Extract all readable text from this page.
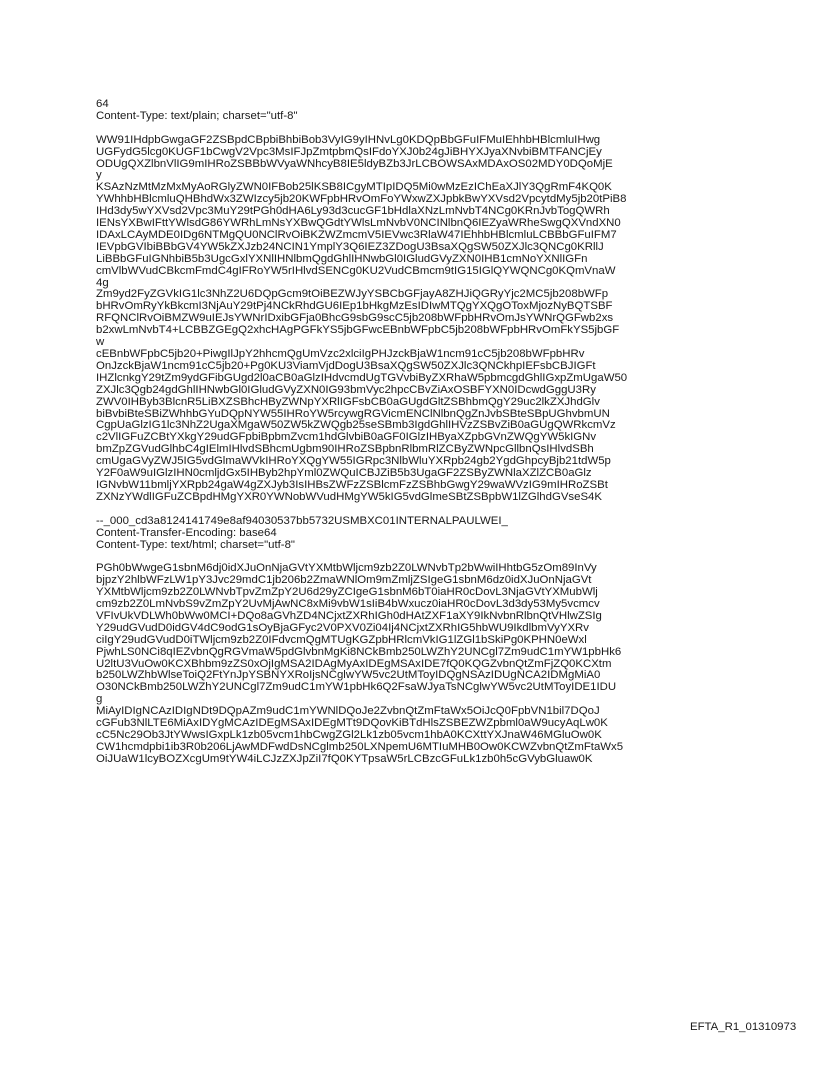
64
Content-Type: text/plain; charset="utf-8"
WW91IHdpbGwgaGF2ZSBpdCBpbiBhbiBob3VyIG9yIHNvLg0KDQpBbGFuIFMuIEhhbHBlcmluIHwg
UGFydG5lcg0KUGF1bCwgV2Vpc3MsIFJpZmtpbmQsIFdoYXJ0b24gJiBHYXJyaXNvbiBMTFANCjEy
ODUgQXZlbnVlIG9mIHRoZSBBbWVyaWNhcyB8IE5ldyBZb3JrLCBOWSAxMDAxOS02MDY0DQoMjE
y
KSAzNzMtMzMxMyAoRGlyZWN0IFBob25lKSB8ICgyMTIpIDQ5Mi0wMzEzIChEaXJlY3QgRmF4KQ0K
YWhhbHBlcmluQHBhdWx3ZWIzcy5jb20KWFpbHRvOmFoYWxwZXJpbkBwYXVsd2VpcytdMy5jb20tPiB8
IHd3dy5wYXVsd2Vpc3MuY29tPGh0dHA6Ly93d3cucGF1bHdlaXNzLmNvbT4NCg0KRnJvbTogQWRh
IENsYXBwIFttYWlsdG86YWRhLmNsYXBwQGdtYWlsLmNvbV0NCINlbnQ6IEZyaWRheSwgQXVndXN0
IDAxLCAyMDE0IDg6NTMgQU0NClRvOiBKZWZmcmV5IEVwc3RlaW47IEhhbHBlcmluLCBBbGFuIFM7
IEVpbGVIbiBBbGV4YW5kZXJzb24NCIN1YmplY3Q6IEZ3ZDogU3BsaXQgSW50ZXJlc3QNCg0KRllJ
LiBBbGFuIGNhbiB5b3UgcGxlYXNlIHNlbmQgdGhlIHNwbGl0IGludGVyZXN0IHB1cmNoYXNlIGFn
cmVlbWVudCBkcmFmdC4gIFRoYW5rIHlvdSENCg0KU2VudCBmcm9tIG15IGlQYWQNCg0KQmVnaW
4g
Zm9yd2FyZGVkIG1lc3NhZ2U6DQpGcm9tOiBEZWJyYSBCbGFjayA8ZHJiQGRyYjc2MC5jb208bWFp
bHRvOmRyYkBkcmI3NjAuY29tPj4NCkRhdGU6IEp1bHkgMzEsIDIwMTQgYXQgOToxMjozNyBQTSBF
RFQNClRvOiBMZW9uIEJsYWNrIDxibGFja0BhcG9sbG9scC5jb208bWFpbHRvOmJsYWNrQGFwb2xs
b2xwLmNvbT4+LCBBZGEgQ2xhcHAgPGFkYS5jbGFwcEBnbWFpbC5jb208bWFpbHRvOmFkYS5jbGF
w
cEBnbWFpbC5jb20+PiwgIlJpY2hhcmQgUmVzc2xlciIgPHJzckBjaW1ncm91cC5jb208bWFpbHRv
OnJzckBjaW1ncm91cC5jb20+Pg0KU3ViamVjdDogU3BsaXQgSW50ZXJlc3QNCkhpIEFsbCBJIGFt
IHZlcnkgY29tZm9ydGFibGUgd2l0aCB0aGlzIHdvcmdUgTGVvbiByZXRhaW5pbmcgdGhlIGxpZmUgaW50
ZXJlc3Qgb24gdGhlIHNwbGl0IGludGVyZXN0IG93bmVyc2hpcCBvZiAxOSBFYXN0IDcwdGggU3Ry
ZWV0IHByb3BlcnR5LiBXZSBhcHByZWNpYXRlIGFsbCB0aGUgdGltZSBhbmQgY29uc2lkZXJhdGlv
biBvbiBteSBiZWhhbGYuDQpNYW55IHRoYW5rcywgRGVicmENClNlbnQgZnJvbSBteSBpUGhvbmUN
CgpUaGlzIG1lc3NhZ2UgaXMgaW50ZW5kZWQgb25seSBmb3IgdGhlIHVzZSBvZiB0aGUgQWRkcmVz
c2VlIGFuZCBtYXkgY29udGFpbiBpbmZvcm1hdGlvbiB0aGF0IGlzIHByaXZpbGVnZWQgYW5kIGNv
bmZpZGVudGlhbC4gIElmIHlvdSBhcmUgbm90IHRoZSBpbnRlbmRlZCByZWNpcGllbnQsIHlvdSBh
cmUgaGVyZWJ5IG5vdGlmaWVkIHRoYXQgYW55IGRpc3NlbWluYXRpb24gb2YgdGhpcyBjb21tdW5p
Y2F0aW9uIGlzIHN0cmljdGx5IHByb2hpYml0ZWQuICBJZiB5b3UgaGF2ZSByZWNlaXZlZCB0aGlz
IGNvbW11bmljYXRpb24gaW4gZXJyb3IsIHBsZWFzZSBlcmFzZSBhbGwgY29waWVzIG9mIHRoZSBt
ZXNzYWdlIGFuZCBpdHMgYXR0YWNobWVudHMgYW5kIG5vdGlmeSBtZSBpbW1lZGlhdGVseS4K
--_000_cd3a8124141749e8af94030537bb5732USMBXC01INTERNALPAULWEI_
Content-Transfer-Encoding: base64
Content-Type: text/html; charset="utf-8"
PGh0bWwgeG1sbnM6dj0idXJuOnNjaGVtYXMtbWljcm9zb2Z0LWNvbTp2bWwiIHhtbG5zOm89InVy
bjpzY2hlbWFzLW1pY3Jvc29mdC1jb206b2ZmaWNlOm9mZmljZSIgeG1sbnM6dz0idXJuOnNjaGVt
YXMtbWljcm9zb2Z0LWNvbTpvZmZpY2U6d29yZCIgeG1sbnM6bT0iaHR0cDovL3NjaGVtYXMubWlj
cm9zb2Z0LmNvbS9vZmZpY2UvMjAwNC8xMi9vbW1sIiB4bWxucz0iaHR0cDovL3d3dy53My5vcmcv
VFIvUkVDLWh0bWw0MCI+DQo8aGVhZD4NCjxtZXRhIGh0dHAtZXF1aXY9IkNvbnRlbnQtVHlwZSIg
Y29udGVudD0idGV4dC9odG1sOyBjaGFyc2V0PXV0Zi04Ij4NCjxtZXRhIG5hbWU9IkdlbmVyYXRv
ciIgY29udGVudD0iTWljcm9zb2Z0IFdvcmQgMTUgKGZpbHRlcmVkIG1lZGl1bSkiPg0KPHN0eWxl
PjwhLS0NCi8qIEZvbnQgRGVmaW5pdGlvbnMgKi8NCkBmb250LWZhY2UNCgl7Zm9udC1mYW1pbHk6
U2ltU3VuOw0KCXBhbm9zZS0xOjIgMSA2IDAgMyAxIDEgMSAxIDE7fQ0KQGZvbnQtZmFjZQ0KCXtm
b250LWZhbWlseToiQ2FtYnJpYSBNYXRoIjsNCglwYW5vc2UtMToyIDQgNSAzIDUgNCA2IDMgMiA0
O30NCkBmb250LWZhY2UNCgl7Zm9udC1mYW1pbHk6Q2FsaWJyaTsNCglwYW5vc2UtMToyIDE1IDU
g
MiAyIDIgNCAzIDIgNDt9DQpAZm9udC1mYWNlDQoJe2ZvbnQtZmFtaWx5OiJcQ0FpbVN1bil7DQoJ
cGFub3NlLTE6MiAxIDYgMCAzIDEgMSAxIDEgMTt9DQovKiBTdHlsZSBEZWZpbml0aW9ucyAqLw0K
cC5Nc29Ob3JtYWwsIGxpLk1zb05vcm1hbCwgZGl2Lk1zb05vcm1hbA0KCXttYXJnaW46MGluOw0K
CW1hcmdpbi1ib3R0b206LjAwMDFwdDsNCglmb250LXNpemU6MTIuMHB0Ow0KCWZvbnQtZmFtaWx5
OiJUaW1lcyBOZXcgUm9tYW4iLCJzZXJpZiI7fQ0KYTpsaW5rLCBzcGFuLk1zb0h5cGVybGluaw0K
EFTA_R1_01310973
